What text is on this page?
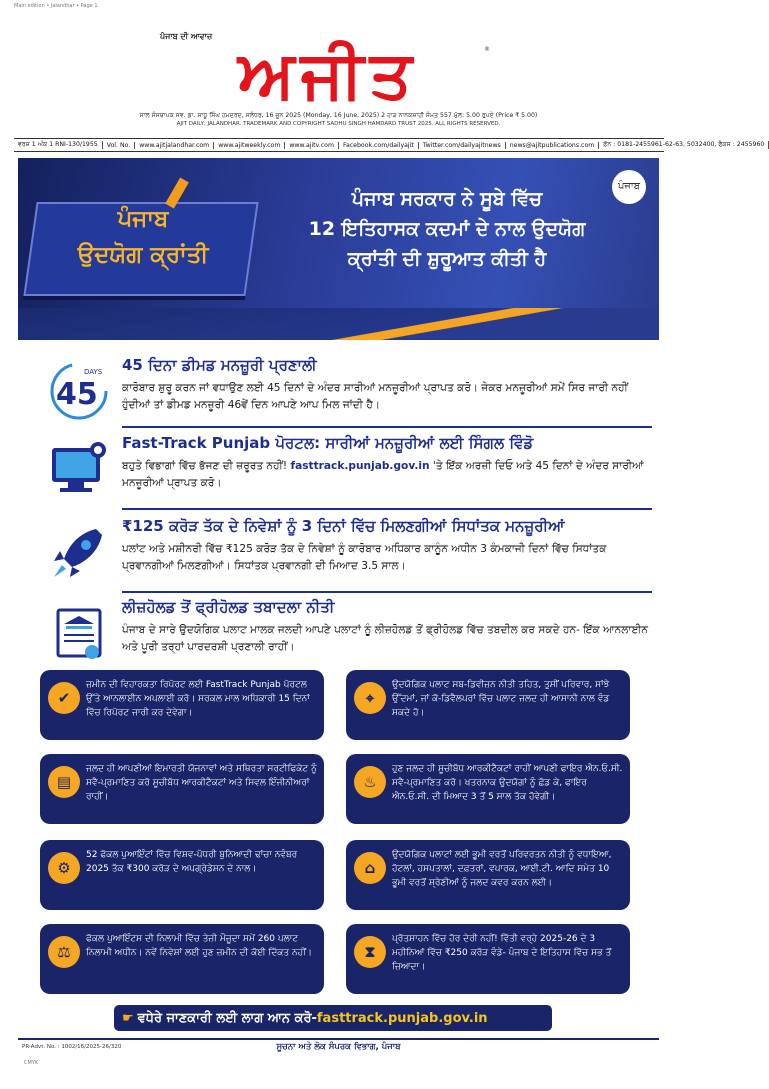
Main edition • Jalandhar • Page 1
ਪੰਜਾਬ ਦੀ ਆਵਾਜ਼ ਅਜੀਤ	®
ਸਾਲ ਸੰਸਥਾਪਕ ਸਵ. ਡਾ. ਸਾਧੂ ਸਿੰਘ ਹਮਦਰਦ, ਜਲੰਧਰ, 16 ਜੂਨ 2025 (Monday, 16 June, 2025) 2 ਹਾੜ ਨਾਨਕਸ਼ਾਹੀ ਸੰਮਤ 557 ਮੁੱਲ: 5.00 ਰੁਪਏ (Price ₹ 5.00)
AJIT DAILY, JALANDHAR. TRADEMARK AND COPYRIGHT SADHU SINGH HAMDARD TRUST 2025. ALL RIGHTS RESERVED.
ਵਰਸ਼ 1 ਅੰਕ 1 RNI-130/1955	Vol. No.	www.ajitjalandhar.com	www.ajitweekly.com	www.ajitv.com	Facebook.com/dailyajit	Twitter.com/dailyajitnews	news@ajitpublications.com	ਫ਼ੋਨ : 0181-2455961-62-63, 5032400, ਫੈਕਸ : 2455960
ਪੰਜਾਬ
ਉਦਯੋਗ ਕ੍ਰਾਂਤੀ
ਪੰਜਾਬ ਸਰਕਾਰ ਨੇ ਸੂਬੇ ਵਿੱਚ
12 ਇਤਿਹਾਸਕ ਕਦਮਾਂ ਦੇ ਨਾਲ ਉਦਯੋਗ
ਕ੍ਰਾਂਤੀ ਦੀ ਸ਼ੁਰੂਆਤ ਕੀਤੀ ਹੈ
ਪੰਜਾਬ
45
DAYS 45 ਦਿਨਾ ਡੀਮਡ ਮਨਜ਼ੂਰੀ ਪ੍ਰਣਾਲੀ
ਕਾਰੋਬਾਰ ਸ਼ੁਰੂ ਕਰਨ ਜਾਂ ਵਧਾਉਣ ਲਈ 45 ਦਿਨਾਂ ਦੇ ਅੰਦਰ ਸਾਰੀਆਂ ਮਨਜ਼ੂਰੀਆਂ ਪ੍ਰਾਪਤ ਕਰੋ। ਜੇਕਰ ਮਨਜ਼ੂਰੀਆਂ ਸਮੇਂ ਸਿਰ ਜਾਰੀ ਨਹੀਂ ਹੁੰਦੀਆਂ ਤਾਂ ਡੀਮਡ ਮਨਜ਼ੂਰੀ 46ਵੇਂ ਦਿਨ ਆਪਣੇ ਆਪ ਮਿਲ ਜਾਂਦੀ ਹੈ।
Fast-Track Punjab ਪੋਰਟਲ: ਸਾਰੀਆਂ ਮਨਜ਼ੂਰੀਆਂ ਲਈ ਸਿੰਗਲ ਵਿੰਡੋ
ਬਹੁਤੇ ਵਿਭਾਗਾਂ ਵਿੱਚ ਭੱਜਣ ਦੀ ਜ਼ਰੂਰਤ ਨਹੀਂ! fasttrack.punjab.gov.in 'ਤੇ ਇੱਕ ਅਰਜ਼ੀ ਦਿਓ ਅਤੇ 45 ਦਿਨਾਂ ਦੇ ਅੰਦਰ ਸਾਰੀਆਂ ਮਨਜ਼ੂਰੀਆਂ ਪ੍ਰਾਪਤ ਕਰੋ।
₹125 ਕਰੋੜ ਤੱਕ ਦੇ ਨਿਵੇਸ਼ਾਂ ਨੂੰ 3 ਦਿਨਾਂ ਵਿੱਚ ਮਿਲਣਗੀਆਂ ਸਿਧਾਂਤਕ ਮਨਜ਼ੂਰੀਆਂ
ਪਲਾਂਟ ਅਤੇ ਮਸ਼ੀਨਰੀ ਵਿੱਚ ₹125 ਕਰੋੜ ਤੱਕ ਦੇ ਨਿਵੇਸ਼ਾਂ ਨੂੰ ਕਾਰੋਬਾਰ ਅਧਿਕਾਰ ਕਾਨੂੰਨ ਅਧੀਨ 3 ਕੰਮਕਾਜੀ ਦਿਨਾਂ ਵਿੱਚ ਸਿਧਾਂਤਕ ਪ੍ਰਵਾਨਗੀਆਂ ਮਿਲਣਗੀਆਂ। ਸਿਧਾਂਤਕ ਪ੍ਰਵਾਨਗੀ ਦੀ ਮਿਆਦ 3.5 ਸਾਲ।
ਲੀਜ਼ਹੋਲਡ ਤੋਂ ਫ੍ਰੀਹੋਲਡ ਤਬਾਦਲਾ ਨੀਤੀ
ਪੰਜਾਬ ਦੇ ਸਾਰੇ ਉਦਯੋਗਿਕ ਪਲਾਟ ਮਾਲਕ ਜਲਦੀ ਆਪਣੇ ਪਲਾਟਾਂ ਨੂੰ ਲੀਜ਼ਹੋਲਡ ਤੋਂ ਫ੍ਰੀਹੋਲਡ ਵਿੱਚ ਤਬਦੀਲ ਕਰ ਸਕਦੇ ਹਨ- ਇੱਕ ਆਨਲਾਈਨ ਅਤੇ ਪੂਰੀ ਤਰ੍ਹਾਂ ਪਾਰਦਰਸ਼ੀ ਪ੍ਰਣਾਲੀ ਰਾਹੀਂ।
✔
ਜ਼ਮੀਨ ਦੀ ਵਿਹਾਰਕਤਾ ਰਿਪੋਰਟ ਲਈ FastTrack Punjab ਪੋਰਟਲ ਉੱਤੇ ਆਨਲਾਈਨ ਅਪਲਾਈ ਕਰੋ। ਸਰਕਲ ਮਾਲ ਅਧਿਕਾਰੀ 15 ਦਿਨਾਂ ਵਿੱਚ ਰਿਪੋਰਟ ਜਾਰੀ ਕਰ ਦੇਵੇਗਾ।
⌖
ਉਦਯੋਗਿਕ ਪਲਾਟ ਸਬ-ਡਿਵੀਜ਼ਨ ਨੀਤੀ ਤਹਿਤ, ਤੁਸੀਂ ਪਰਿਵਾਰ, ਸਾਂਝੇ ਉੱਦਮਾਂ, ਜਾਂ ਕੋ-ਡਿਵੈਲਪਰਾਂ ਵਿੱਚ ਪਲਾਟ ਜਲਦ ਹੀ ਆਸਾਨੀ ਨਾਲ ਵੰਡ ਸਕਦੇ ਹੋ।
▤
ਜਲਦ ਹੀ ਆਪਣੀਆਂ ਇਮਾਰਤੀ ਯੋਜਨਾਵਾਂ ਅਤੇ ਸਥਿਰਤਾ ਸਰਟੀਫਿਕੇਟ ਨੂੰ ਸਵੈ-ਪ੍ਰਮਾਣਿਤ ਕਰੋ ਸੂਚੀਬੱਧ ਆਰਕੀਟੈਕਟਾਂ ਅਤੇ ਸਿਵਲ ਇੰਜੀਨੀਅਰਾਂ ਰਾਹੀਂ।
♨
ਹੁਣ ਜਲਦ ਹੀ ਸੂਚੀਬੱਧ ਆਰਕੀਟੈਕਟਾਂ ਰਾਹੀਂ ਆਪਣੀ ਫਾਇਰ ਐਨ.ਓ.ਸੀ. ਸਵੈ-ਪ੍ਰਮਾਣਿਤ ਕਰੋ। ਖਤਰਨਾਕ ਉਦਯੋਗਾਂ ਨੂੰ ਛੱਡ ਕੇ, ਫਾਇਰ ਐਨ.ਓ.ਸੀ. ਦੀ ਮਿਆਦ 3 ਤੋਂ 5 ਸਾਲ ਤੱਕ ਹੋਵੇਗੀ।
⚙
52 ਫੋਕਲ ਪੁਆਇੰਟਾਂ ਵਿੱਚ ਵਿਸ਼ਵ-ਪੱਧਰੀ ਬੁਨਿਆਦੀ ਢਾਂਚਾ ਨਵੰਬਰ 2025 ਤੱਕ ₹300 ਕਰੋੜ ਦੇ ਅਪਗ੍ਰੇਡੇਸ਼ਨ ਦੇ ਨਾਲ।	⌂
ਉਦਯੋਗਿਕ ਪਲਾਟਾਂ ਲਈ ਭੂਮੀ ਵਰਤੋਂ ਪਰਿਵਰਤਨ ਨੀਤੀ ਨੂੰ ਵਧਾਇਆ, ਹੋਟਲਾਂ, ਹਸਪਤਾਲਾਂ, ਦਫ਼ਤਰਾਂ, ਵਪਾਰਕ, ਆਈ.ਟੀ. ਆਦਿ ਸਮੇਤ 10 ਭੂਮੀ ਵਰਤੋਂ ਸ਼੍ਰੇਣੀਆਂ ਨੂੰ ਜਲਦ ਕਵਰ ਕਰਨ ਲਈ।
⚖
ਫੋਕਲ ਪੁਆਇੰਟਸ ਦੀ ਨਿਲਾਮੀ ਵਿੱਚ ਤੇਜ਼ੀ ਮੌਜੂਦਾ ਸਮੇਂ 260 ਪਲਾਟ ਨਿਲਾਮੀ ਅਧੀਨ। ਨਵੇਂ ਨਿਵੇਸ਼ਾਂ ਲਈ ਹੁਣ ਜ਼ਮੀਨ ਦੀ ਕੋਈ ਦਿੱਕਤ ਨਹੀਂ।	⧗
ਪ੍ਰੋਤਸਾਹਨ ਵਿੱਚ ਹੋਰ ਦੇਰੀ ਨਹੀਂ! ਵਿੱਤੀ ਵਰ੍ਹੇ 2025-26 ਦੇ 3 ਮਹੀਨਿਆਂ ਵਿੱਚ ₹250 ਕਰੋੜ ਵੰਡੇ- ਪੰਜਾਬ ਦੇ ਇਤਿਹਾਸ ਵਿੱਚ ਸਭ ਤੋਂ ਜ਼ਿਆਦਾ।
☛ ਵਧੇਰੇ ਜਾਣਕਾਰੀ ਲਈ ਲਾਗ ਆਨ ਕਰੋ- fasttrack.punjab.gov.in
PR-Advt. No. : 1002/16/2025-26/320	ਸੂਚਨਾ ਅਤੇ ਲੋਕ ਸੰਪਰਕ ਵਿਭਾਗ, ਪੰਜਾਬ
CMYK
